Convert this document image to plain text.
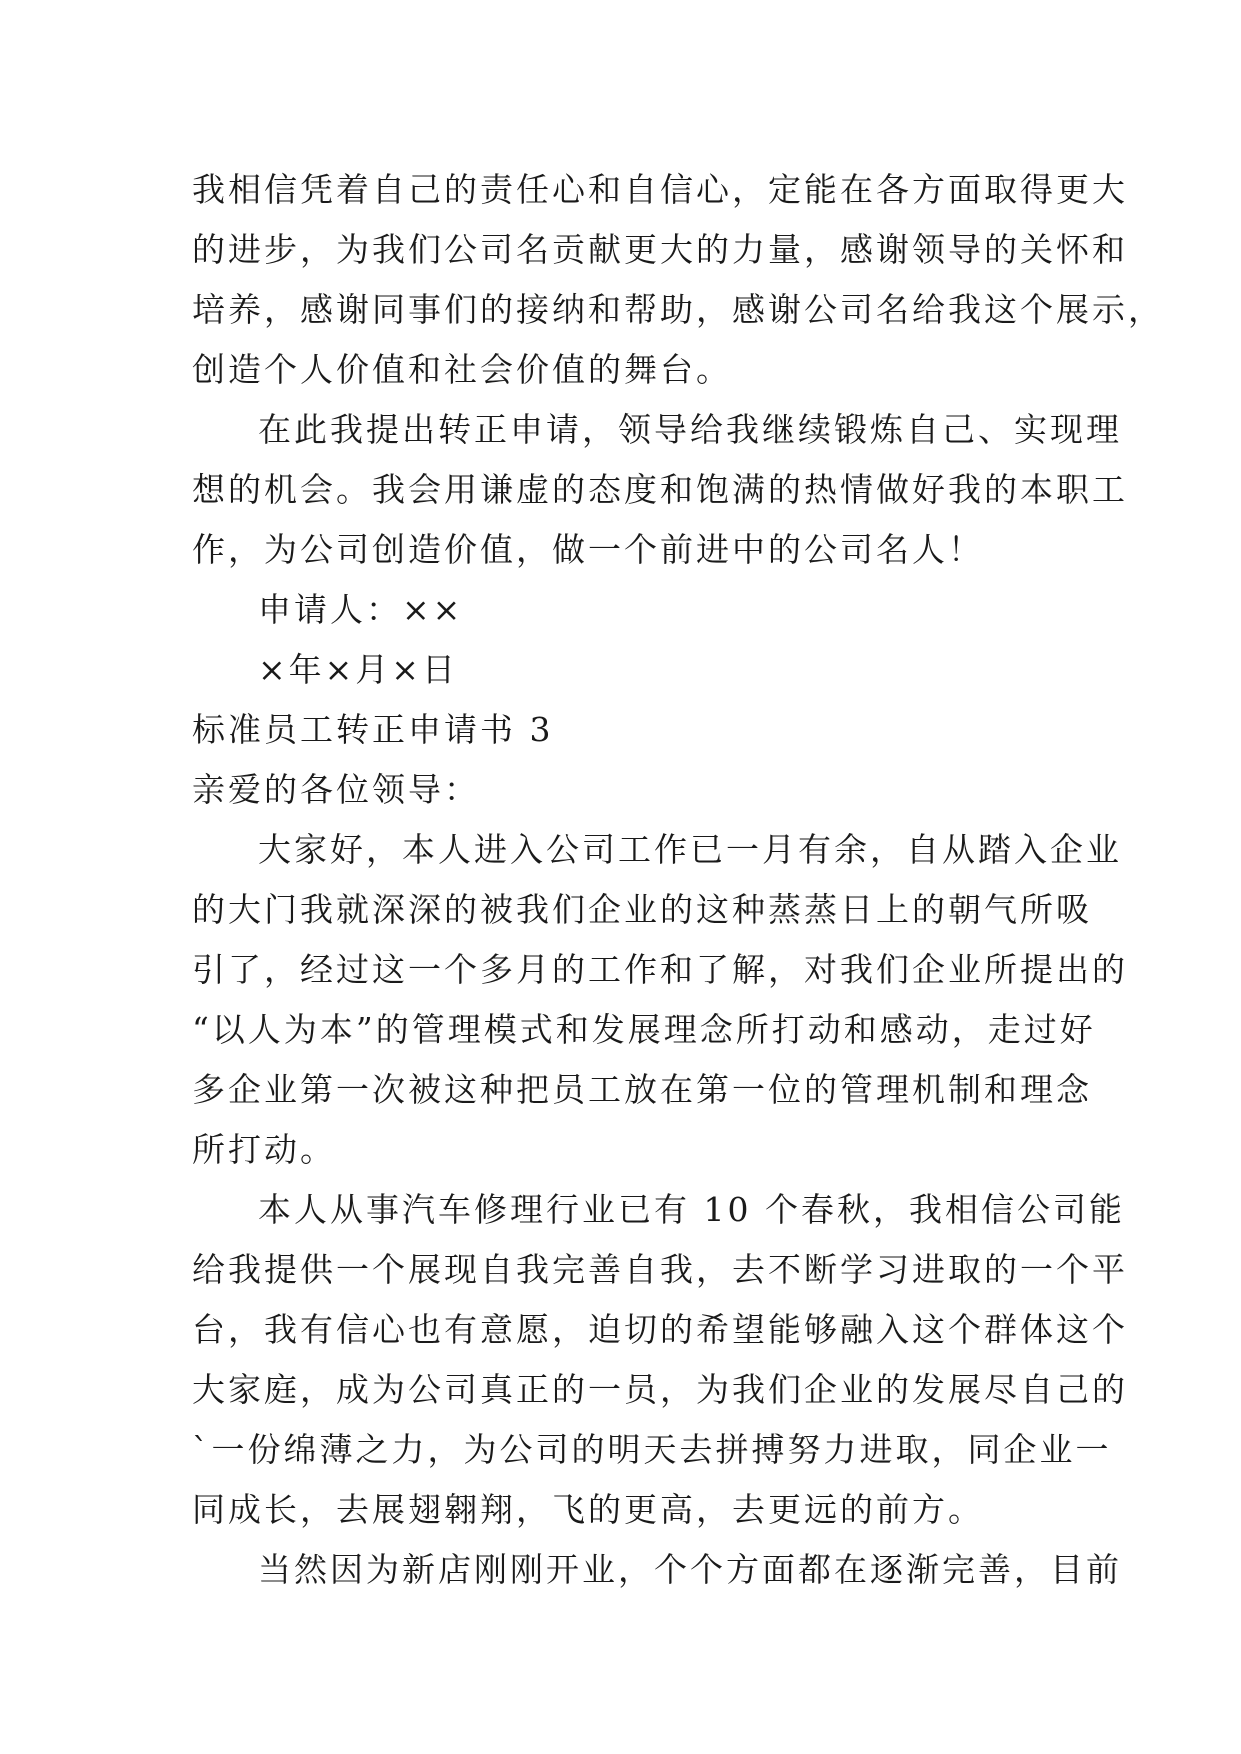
我相信凭着自己的责任心和自信心，定能在各方面取得更大
的进步，为我们公司名贡献更大的力量，感谢领导的关怀和
培养，感谢同事们的接纳和帮助，感谢公司名给我这个展示，
创造个人价值和社会价值的舞台。
在此我提出转正申请，领导给我继续锻炼自己、实现理
想的机会。我会用谦虚的态度和饱满的热情做好我的本职工
作，为公司创造价值，做一个前进中的公司名人！
申请人：××
×年×月×日
标准员工转正申请书 3
亲爱的各位领导：
大家好，本人进入公司工作已一月有余，自从踏入企业
的大门我就深深的被我们企业的这种蒸蒸日上的朝气所吸
引了，经过这一个多月的工作和了解，对我们企业所提出的
“以人为本”的管理模式和发展理念所打动和感动，走过好
多企业第一次被这种把员工放在第一位的管理机制和理念
所打动。
本人从事汽车修理行业已有 10 个春秋，我相信公司能
给我提供一个展现自我完善自我，去不断学习进取的一个平
台，我有信心也有意愿，迫切的希望能够融入这个群体这个
大家庭，成为公司真正的一员，为我们企业的发展尽自己的
`一份绵薄之力，为公司的明天去拼搏努力进取，同企业一
同成长，去展翅翱翔，飞的更高，去更远的前方。
当然因为新店刚刚开业，个个方面都在逐渐完善，目前
